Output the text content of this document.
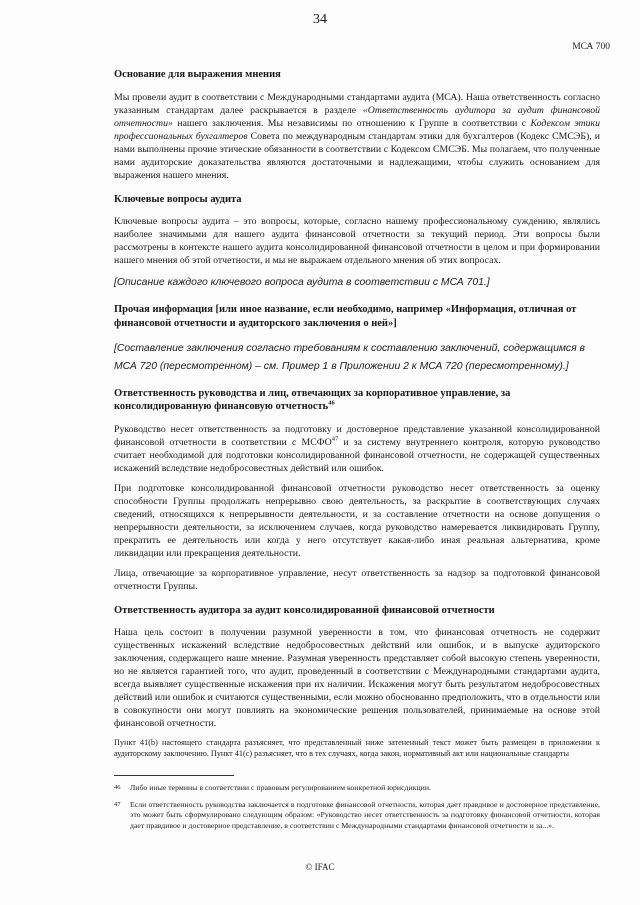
34
МСА 700
Основание для выражения мнения

Мы провели аудит в соответствии с Международными стандартами аудита (МСА). Наша ответственность согласно указанным стандартам далее раскрывается в разделе «Ответственность аудитора за аудит финансовой отчетности» нашего заключения. Мы независимы по отношению к Группе в соответствии с Кодексом этики профессиональных бухгалтеров Совета по международным стандартам этики для бухгалтеров (Кодекс СМСЭБ), и нами выполнены прочие этические обязанности в соответствии с Кодексом СМСЭБ. Мы полагаем, что полученные нами аудиторские доказательства являются достаточными и надлежащими, чтобы служить основанием для выражения нашего мнения.

Ключевые вопросы аудита

Ключевые вопросы аудита – это вопросы, которые, согласно нашему профессиональному суждению, являлись наиболее значимыми для нашего аудита финансовой отчетности за текущий период. Эти вопросы были рассмотрены в контексте нашего аудита консолидированной финансовой отчетности в целом и при формировании нашего мнения об этой отчетности, и мы не выражаем отдельного мнения об этих вопросах.

[Описание каждого ключевого вопроса аудита в соответствии с МСА 701.]
Прочая информация [или иное название, если необходимо, например «Информация, отличная от финансовой отчетности и аудиторского заключения о ней»]
[Составление заключения согласно требованиям к составлению заключений, содержащимся в МСА 720 (пересмотренном) – см. Пример 1 в Приложении 2 к МСА 720 (пересмотренному).]
Ответственность руководства и лиц, отвечающих за корпоративное управление, за консолидированную финансовую отчетность$^{46}$

Руководство несет ответственность за подготовку и достоверное представление указанной консолидированной финансовой отчетности в соответствии с МСФО$^{47}$ и за систему внутреннего контроля, которую руководство считает необходимой для подготовки консолидированной финансовой отчетности, не содержащей существенных искажений вследствие недобросовестных действий или ошибок.

При подготовке консолидированной финансовой отчетности руководство несет ответственность за оценку способности Группы продолжать непрерывно свою деятельность, за раскрытие в соответствующих случаях сведений, относящихся к непрерывности деятельности, и за составление отчетности на основе допущения о непрерывности деятельности, за исключением случаев, когда руководство намеревается ликвидировать Группу, прекратить ее деятельность или когда у него отсутствует какая-либо иная реальная альтернатива, кроме ликвидации или прекращения деятельности.

Лица, отвечающие за корпоративное управление, несут ответственность за надзор за подготовкой финансовой отчетности Группы.

Ответственность аудитора за аудит консолидированной финансовой отчетности

Наша цель состоит в получении разумной уверенности в том, что финансовая отчетность не содержит существенных искажений вследствие недобросовестных действий или ошибок, и в выпуске аудиторского заключения, содержащего наше мнение. Разумная уверенность представляет собой высокую степень уверенности, но не является гарантией того, что аудит, проведенный в соответствии с Международными стандартами аудита, всегда выявляет существенные искажения при их наличии. Искажения могут быть результатом недобросовестных действий или ошибок и считаются существенными, если можно обоснованно предположить, что в отдельности или в совокупности они могут повлиять на экономические решения пользователей, принимаемые на основе этой финансовой отчетности.

Пункт 41(b) настоящего стандарта разъясняет, что представленный ниже затененный текст может быть размещен в приложении к аудиторскому заключению. Пункт 41(с) разъясняет, что в тех случаях, когда закон, нормативный акт или национальные стандарты

46	Либо иные термины в соответствии с правовым регулированием конкретной юрисдикции.
47	Если ответственность руководства заключается в подготовке финансовой отчетности, которая дает правдивое и достоверное представление, это может быть сформулировано следующим образом: «Руководство несет ответственность за подготовку финансовой отчетности, которая дает правдивое и достоверное представление, в соответствии с Международными стандартами финансовой отчетности и за...».
© IFAC
